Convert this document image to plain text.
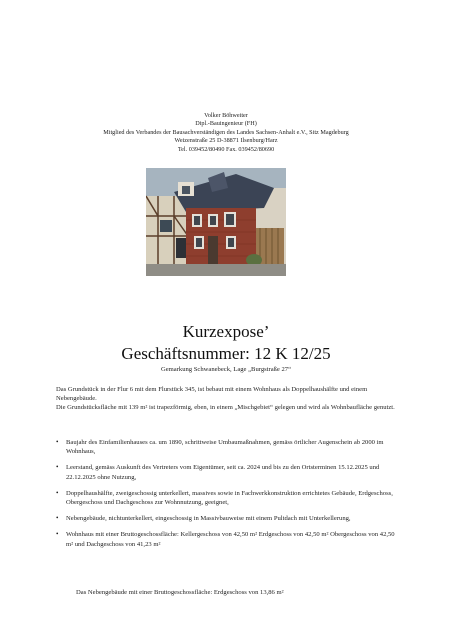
Volker Böhweiter
Dipl.-Bauingenieur (FH)
Mitglied des Verbandes der Bausachverständigen des Landes Sachsen-Anhalt e.V., Sitz Magdeburg
Weizenstraße 25 D-38871 Ilsenburg/Harz
Tel. 039452/80490 Fax. 039452/80690
Kurzexpose’
Geschäftsnummer: 12 K 12/25
Gemarkung Schwanebeck, Lage „Burgstraße 27“
Das Grundstück in der Flur 6 mit dem Flurstück 345, ist bebaut mit einem Wohnhaus als Doppelhaushälfte und einem Nebengebäude.
Die Grundstücksfläche mit 139 m² ist trapezförmig, eben, in einem „Mischgebiet“ gelegen und wird als Wohnbaufläche genutzt.
• Baujahr des Einfamilienhauses ca. um 1890, schrittweise Umbaumaßnahmen, gemäss örtlicher Augenschein ab 2000 im Wohnhaus,
• Leerstand, gemäss Auskunft des Vertreters vom Eigentümer, seit ca. 2024 und bis zu den Ortsterminen 15.12.2025 und 22.12.2025 ohne Nutzung,
• Doppelhaushälfte, zweigeschossig unterkellert, massives sowie in Fachwerkkonstruktion errichtetes Gebäude, Erdgeschoss, Obergeschoss und Dachgeschoss zur Wohnnutzung, geeignet,
• Nebengebäude, nichtunterkellert, eingeschossig in Massivbauweise mit einem Pultdach mit Unterkellerung,
• Wohnhaus mit einer Bruttogeschossfläche: Kellergeschoss von 42,50 m² Erdgeschoss von 42,50 m² Obergeschoss von 42,50 m² und Dachgeschoss von 41,23 m²
Das Nebengebäude mit einer Bruttogeschossfläche: Erdgeschoss von 13,86 m²
